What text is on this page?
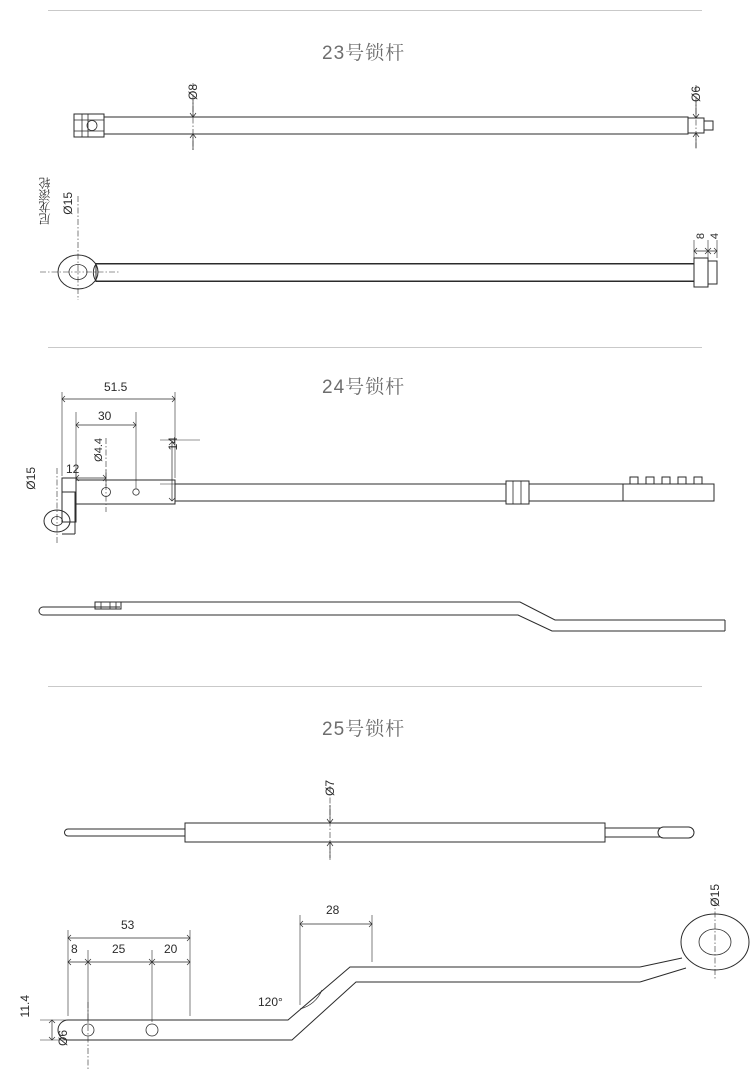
23号锁杆
Ø8	Ø6
Ø15
尼龙滚轮
8 4
24号锁杆
51.5
30
12
Ø4.4	14
Ø15
25号锁杆
Ø7
53
8	25	20
28
120°
11.4
Ø6
Ø15
